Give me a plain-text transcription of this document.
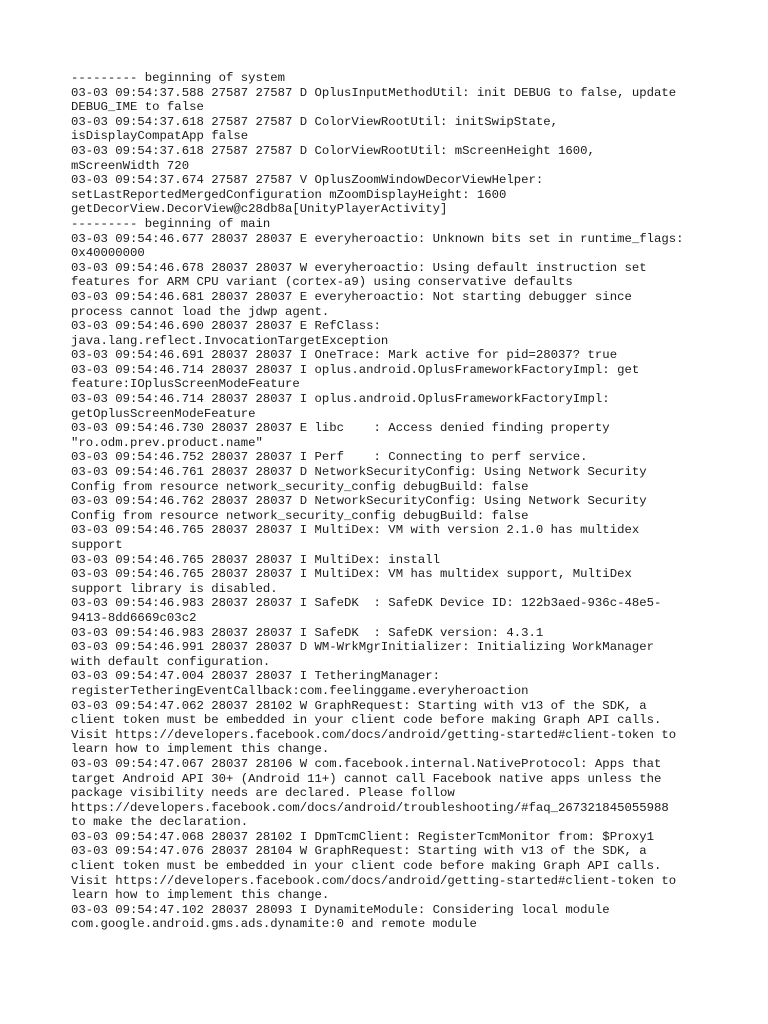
--------- beginning of system
03-03 09:54:37.588 27587 27587 D OplusInputMethodUtil: init DEBUG to false, update
DEBUG_IME to false
03-03 09:54:37.618 27587 27587 D ColorViewRootUtil: initSwipState,
isDisplayCompatApp false
03-03 09:54:37.618 27587 27587 D ColorViewRootUtil: mScreenHeight 1600,
mScreenWidth 720
03-03 09:54:37.674 27587 27587 V OplusZoomWindowDecorViewHelper:
setLastReportedMergedConfiguration mZoomDisplayHeight: 1600
getDecorView.DecorView@c28db8a[UnityPlayerActivity]
--------- beginning of main
03-03 09:54:46.677 28037 28037 E everyheroactio: Unknown bits set in runtime_flags:
0x40000000
03-03 09:54:46.678 28037 28037 W everyheroactio: Using default instruction set
features for ARM CPU variant (cortex-a9) using conservative defaults
03-03 09:54:46.681 28037 28037 E everyheroactio: Not starting debugger since
process cannot load the jdwp agent.
03-03 09:54:46.690 28037 28037 E RefClass:
java.lang.reflect.InvocationTargetException
03-03 09:54:46.691 28037 28037 I OneTrace: Mark active for pid=28037? true
03-03 09:54:46.714 28037 28037 I oplus.android.OplusFrameworkFactoryImpl: get
feature:IOplusScreenModeFeature
03-03 09:54:46.714 28037 28037 I oplus.android.OplusFrameworkFactoryImpl:
getOplusScreenModeFeature
03-03 09:54:46.730 28037 28037 E libc    : Access denied finding property
"ro.odm.prev.product.name"
03-03 09:54:46.752 28037 28037 I Perf    : Connecting to perf service.
03-03 09:54:46.761 28037 28037 D NetworkSecurityConfig: Using Network Security
Config from resource network_security_config debugBuild: false
03-03 09:54:46.762 28037 28037 D NetworkSecurityConfig: Using Network Security
Config from resource network_security_config debugBuild: false
03-03 09:54:46.765 28037 28037 I MultiDex: VM with version 2.1.0 has multidex
support
03-03 09:54:46.765 28037 28037 I MultiDex: install
03-03 09:54:46.765 28037 28037 I MultiDex: VM has multidex support, MultiDex
support library is disabled.
03-03 09:54:46.983 28037 28037 I SafeDK  : SafeDK Device ID: 122b3aed-936c-48e5-
9413-8dd6669c03c2
03-03 09:54:46.983 28037 28037 I SafeDK  : SafeDK version: 4.3.1
03-03 09:54:46.991 28037 28037 D WM-WrkMgrInitializer: Initializing WorkManager
with default configuration.
03-03 09:54:47.004 28037 28037 I TetheringManager:
registerTetheringEventCallback:com.feelinggame.everyheroaction
03-03 09:54:47.062 28037 28102 W GraphRequest: Starting with v13 of the SDK, a
client token must be embedded in your client code before making Graph API calls.
Visit https://developers.facebook.com/docs/android/getting-started#client-token to
learn how to implement this change.
03-03 09:54:47.067 28037 28106 W com.facebook.internal.NativeProtocol: Apps that
target Android API 30+ (Android 11+) cannot call Facebook native apps unless the
package visibility needs are declared. Please follow
https://developers.facebook.com/docs/android/troubleshooting/#faq_267321845055988
to make the declaration.
03-03 09:54:47.068 28037 28102 I DpmTcmClient: RegisterTcmMonitor from: $Proxy1
03-03 09:54:47.076 28037 28104 W GraphRequest: Starting with v13 of the SDK, a
client token must be embedded in your client code before making Graph API calls.
Visit https://developers.facebook.com/docs/android/getting-started#client-token to
learn how to implement this change.
03-03 09:54:47.102 28037 28093 I DynamiteModule: Considering local module
com.google.android.gms.ads.dynamite:0 and remote module
